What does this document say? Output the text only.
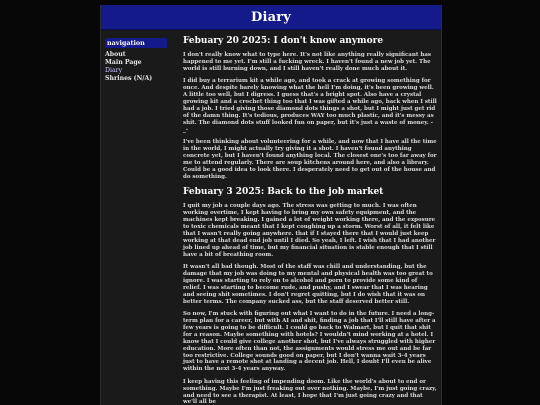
Diary
navigation
About
Main Page
Diary
Shrines (N/A)
Febuary 20 2025: I don't know anymore

I don't really know what to type here. It's not like anything really significant has happened to me yet. I'm still a fucking wreck. I haven't found a new job yet. The world is still burning down, and I still haven't really done much about it.

I did buy a terrarium kit a while ago, and took a crack at growing something for once. And despite barely knowing what the hell I'm doing, it's been growing well. A little too well, but I digress. I guess that's a bright spot. Also have a crystal growing kit and a crochet thing too that I was gifted a while ago, back when I still had a job. I tried giving those diamond dots things a shot, but I might just get rid of the damn thing. It's tedious, produces WAY too much plastic, and it's messy as shit. The diamond dots stuff looked fun on paper, but it's just a waste of money. -_-

I've been thinking about volunteering for a while, and now that I have all the time in the world, I might actually try giving it a shot. I haven't found anything concrete yet, but I haven't found anything local. The closest one's too far away for me to attend regularly. There are soup kitchens around here, and also a library. Could be a good idea to look there. I desperately need to get out of the house and do something.

Febuary 3 2025: Back to the job market

I quit my job a couple days ago. The stress was getting to much. I was often working overtime, I kept having to bring my own safety equipment, and the machines kept breaking. I gained a lot of weight working there, and the exposure to toxic chemicals meant that I kept coughing up a storm. Worst of all, it felt like that I wasn't really going anywhere. that if I stayed there that I would just keep working at that dead end job until I died. So yeah, I left. I wish that I had another job lined up ahead of time, but my financial situation is stable enough that I still have a bit of breathing room.

It wasn't all bad though. Most of the staff was chill and understanding, but the damage that my job was doing to my mental and physical health was too great to ignore. I was starting to rely on to alcohol and porn to provide some kind of relief. I was starting to become rude, and pushy, and I swear that I was hearing and seeing shit sometimes. I don't regret quitting, but I do wish that it was on better terms. The company sucked ass, but the staff deserved better still.

So now, I'm stuck with figuring out what I want to do in the future. I need a long-term plan for a career, but with AI and shit, finding a job that I'll still have after a few years is going to be difficult. I could go back to Walmart, but I quit that shit for a reason. Maybe something with hotels? I wouldn't mind working at a hotel. I know that I could give college another shot, but I've always struggled with higher education. More often than not, the assignments would stress me out and be far too restrictive. College sounds good on paper, but I don't wanna wait 3-4 years just to have a remote shot at landing a decent job. Hell, I doubt I'll even be alive within the next 3-4 years anyway.

I keep having this feeling of impending doom. Like the world's about to end or something. Maybe I'm just freaking out over nothing. Maybe, I'm just going crazy, and need to see a therapist. At least, I hope that I'm just going crazy and that we'll all be
